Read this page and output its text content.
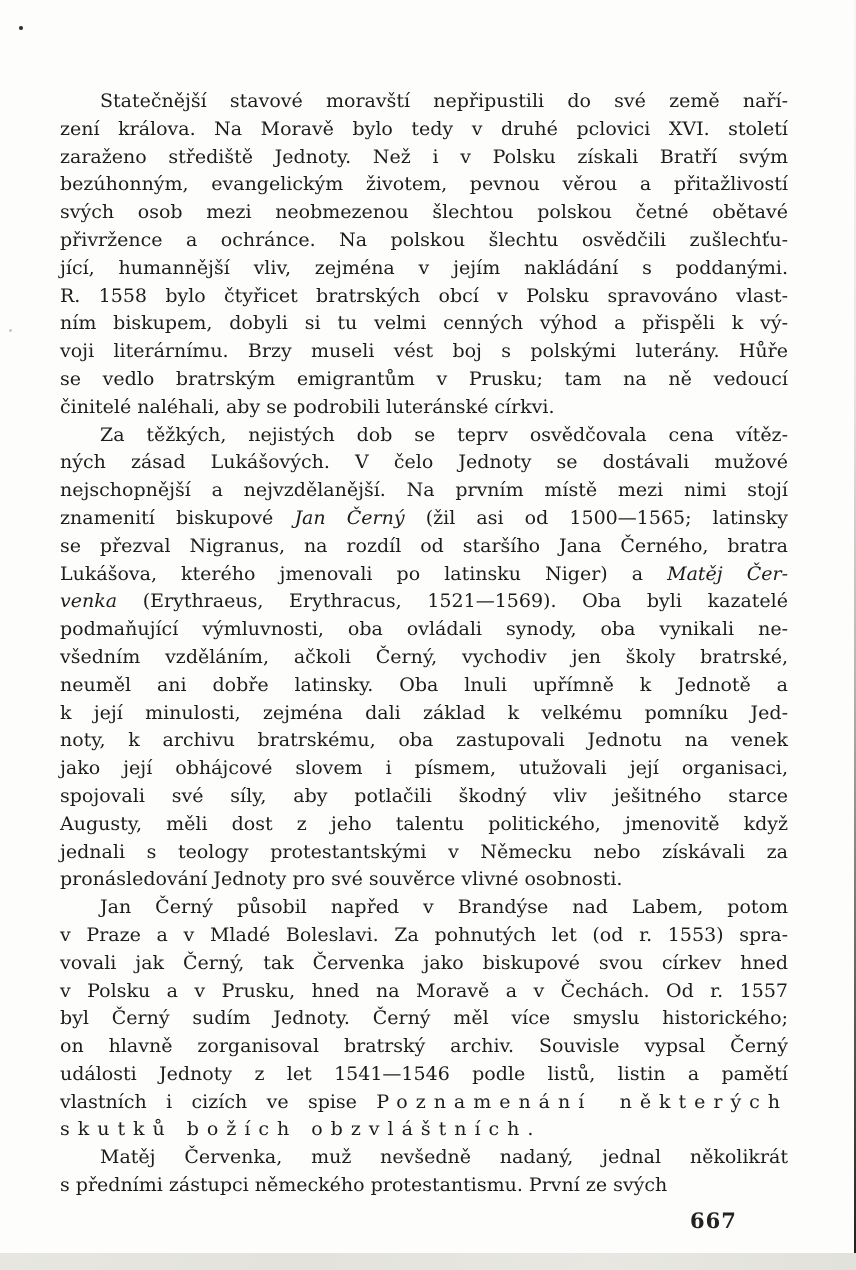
Statečnější stavové moravští nepřipustili do své země naří-
zení králova. Na Moravě bylo tedy v druhé pclovici XVI. století
zaraženo střediště Jednoty. Než i v Polsku získali Bratří svým
bezúhonným, evangelickým životem, pevnou věrou a přitažlivostí
svých osob mezi neobmezenou šlechtou polskou četné obětavé
přivržence a ochránce. Na polskou šlechtu osvědčili zušlechťu-
jící, humannější vliv, zejména v jejím nakládání s poddanými.
R. 1558 bylo čtyřicet bratrských obcí v Polsku spravováno vlast-
ním biskupem, dobyli si tu velmi cenných výhod a přispěli k vý-
voji literárnímu. Brzy museli vést boj s polskými luterány. Hůře
se vedlo bratrským emigrantům v Prusku; tam na ně vedoucí
činitelé naléhali, aby se podrobili luteránské církvi.
Za těžkých, nejistých dob se teprv osvědčovala cena vítěz-
ných zásad Lukášových. V čelo Jednoty se dostávali mužové
nejschopnější a nejvzdělanější. Na prvním místě mezi nimi stojí
znamenití biskupové Jan Černý (žil asi od 1500—1565; latinsky
se přezval Nigranus, na rozdíl od staršího Jana Černého, bratra
Lukášova, kterého jmenovali po latinsku Niger) a Matěj Čer-
venka (Erythraeus, Erythracus, 1521—1569). Oba byli kazatelé
podmaňující výmluvnosti, oba ovládali synody, oba vynikali ne-
všedním vzděláním, ačkoli Černý, vychodiv jen školy bratrské,
neuměl ani dobře latinsky. Oba lnuli upřímně k Jednotě a
k její minulosti, zejména dali základ k velkému pomníku Jed-
noty, k archivu bratrskému, oba zastupovali Jednotu na venek
jako její obhájcové slovem i písmem, utužovali její organisaci,
spojovali své síly, aby potlačili škodný vliv ješitného starce
Augusty, měli dost z jeho talentu politického, jmenovitě když
jednali s teology protestantskými v Německu nebo získávali za
pronásledování Jednoty pro své souvěrce vlivné osobnosti.
Jan Černý působil napřed v Brandýse nad Labem, potom
v Praze a v Mladé Boleslavi. Za pohnutých let (od r. 1553) spra-
vovali jak Černý, tak Červenka jako biskupové svou církev hned
v Polsku a v Prusku, hned na Moravě a v Čechách. Od r. 1557
byl Černý sudím Jednoty. Černý měl více smyslu historického;
on hlavně zorganisoval bratrský archiv. Souvisle vypsal Černý
události Jednoty z let 1541—1546 podle listů, listin a pamětí
vlastních i cizích ve spise Poznamenání některých
skutků božích obzvláštních.
Matěj Červenka, muž nevšedně nadaný, jednal několikrát
s předními zástupci německého protestantismu. První ze svých
667
